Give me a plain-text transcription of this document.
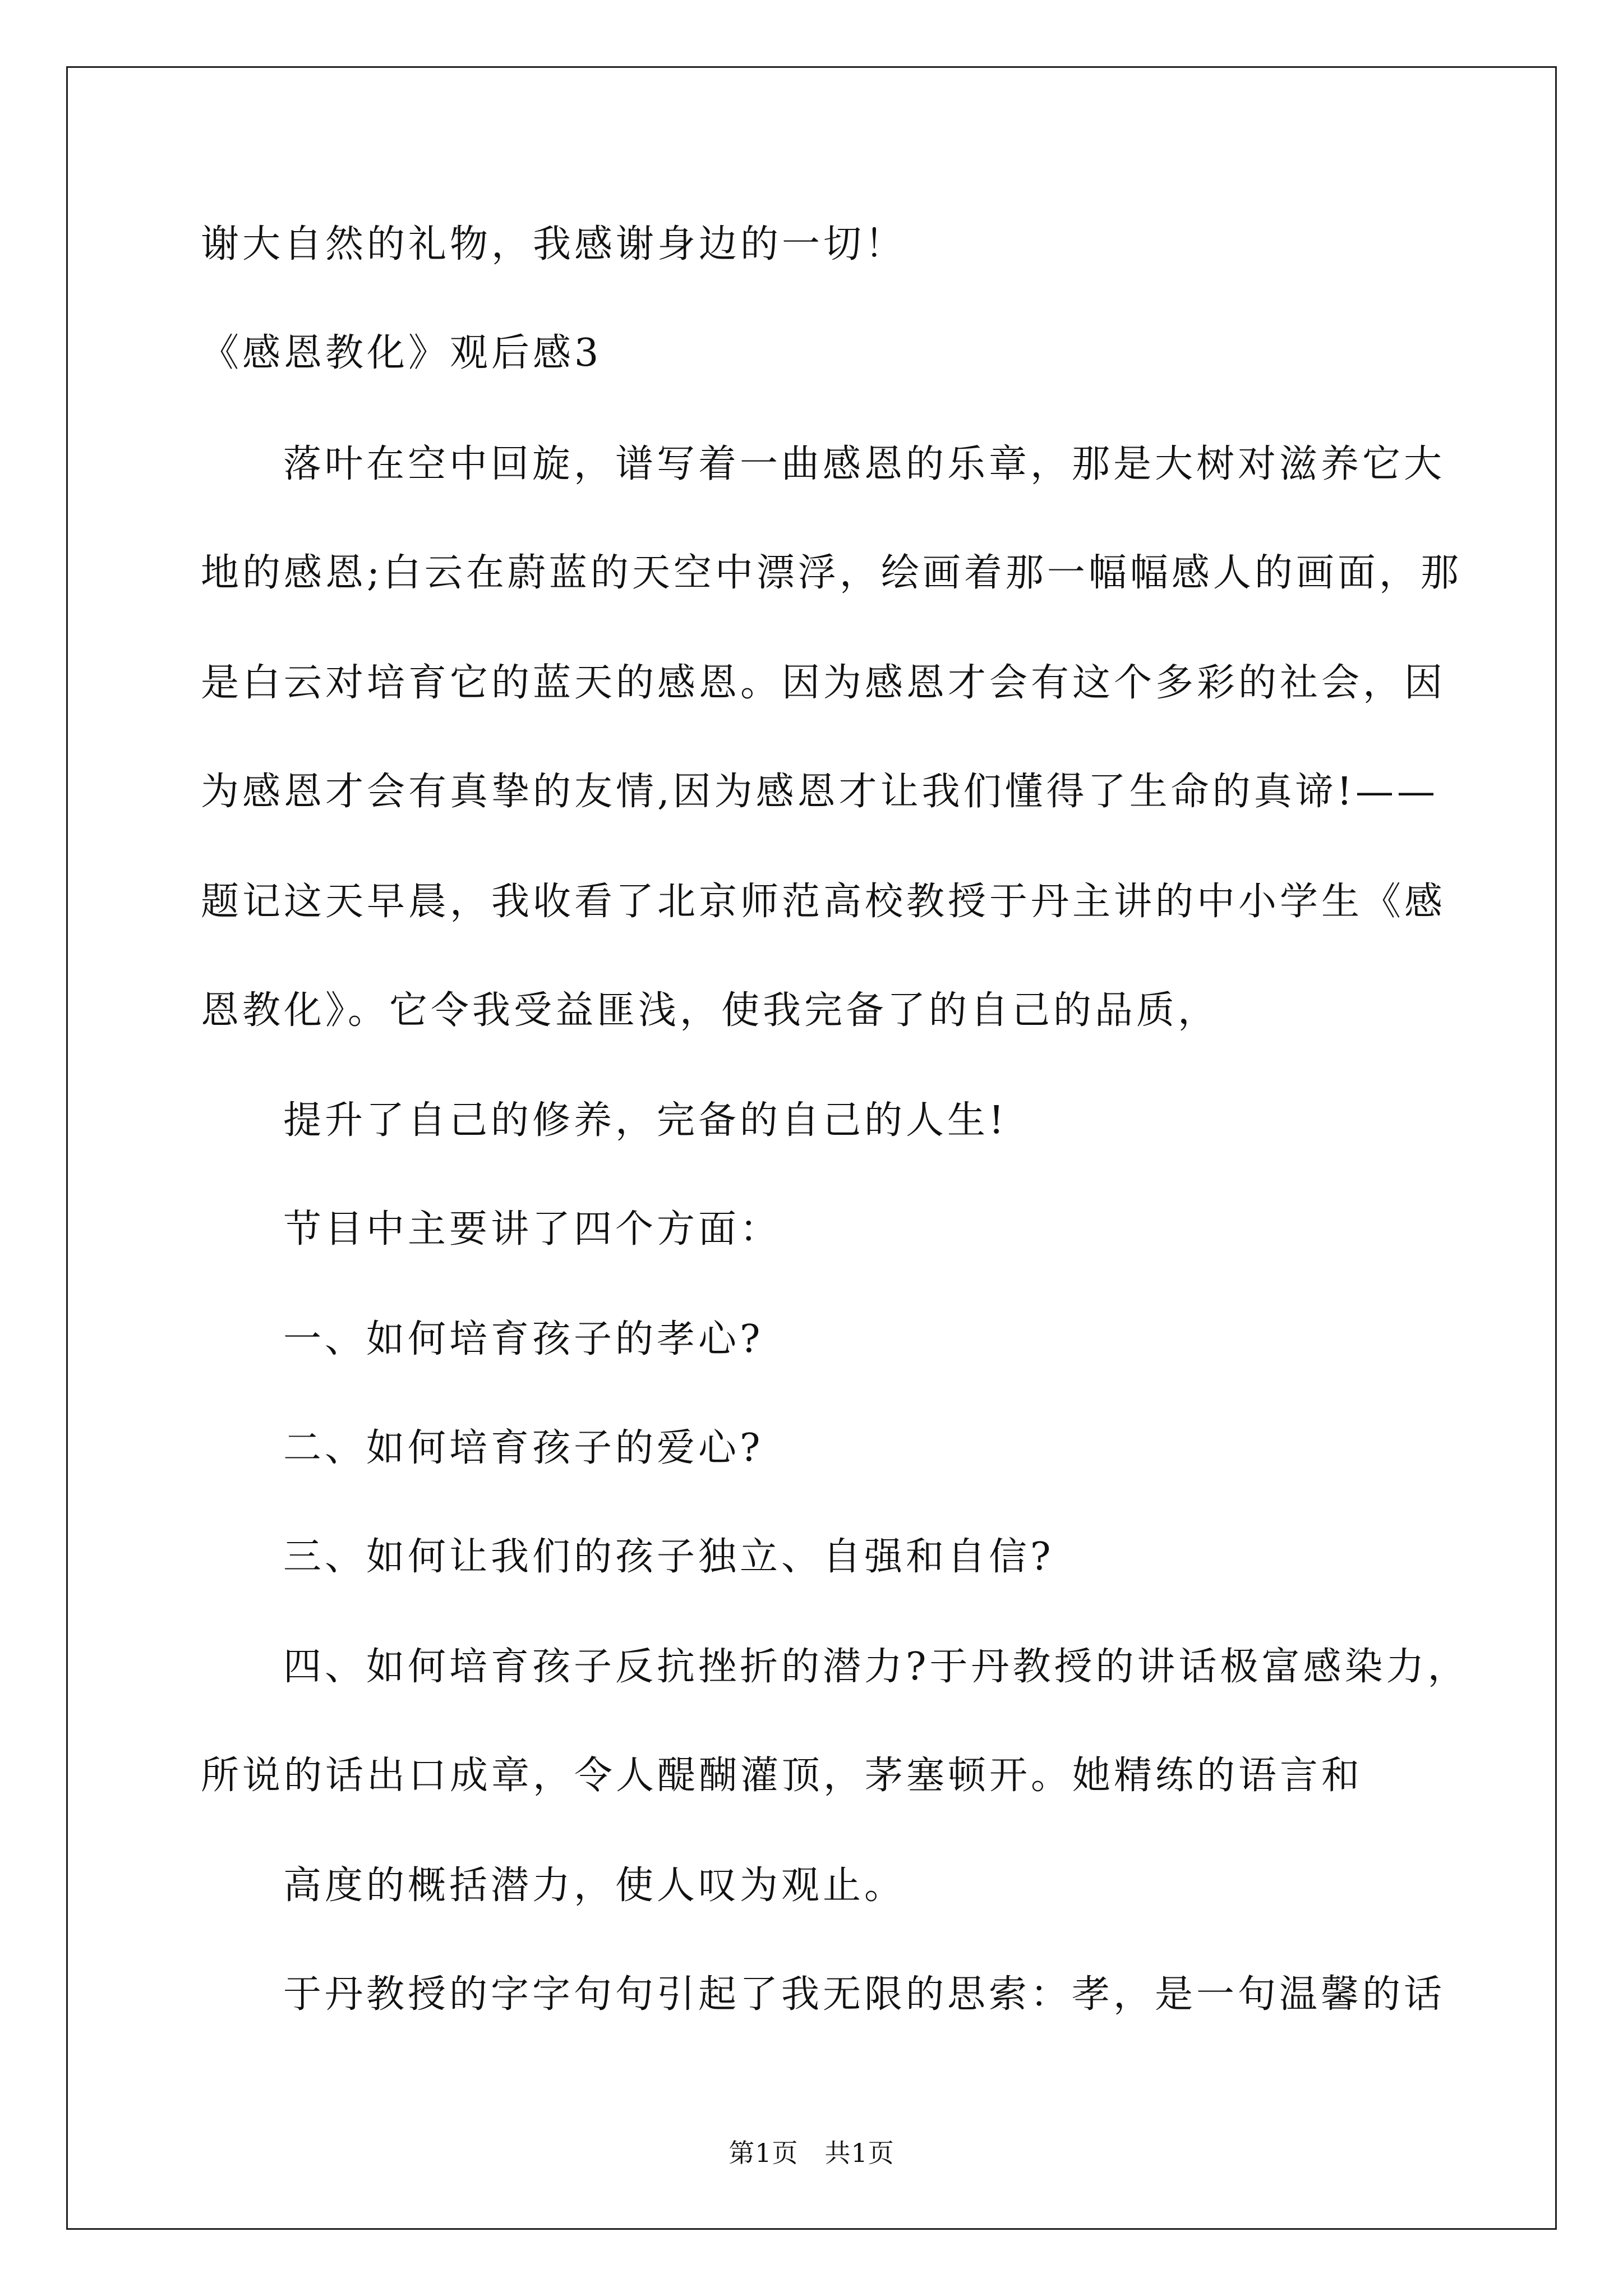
谢大自然的礼物，我感谢身边的一切！
《感恩教化》观后感3
落叶在空中回旋，谱写着一曲感恩的乐章，那是大树对滋养它大
地的感恩;白云在蔚蓝的天空中漂浮，绘画着那一幅幅感人的画面，那
是白云对培育它的蓝天的感恩。因为感恩才会有这个多彩的社会，因
为感恩才会有真挚的友情,因为感恩才让我们懂得了生命的真谛!——
题记这天早晨，我收看了北京师范高校教授于丹主讲的中小学生《感
恩教化》。它令我受益匪浅，使我完备了的自己的品质，
提升了自己的修养，完备的自己的人生!
节目中主要讲了四个方面：
一、如何培育孩子的孝心?
二、如何培育孩子的爱心?
三、如何让我们的孩子独立、自强和自信?
四、如何培育孩子反抗挫折的潜力?于丹教授的讲话极富感染力，
所说的话出口成章，令人醍醐灌顶，茅塞顿开。她精练的语言和
高度的概括潜力，使人叹为观止。
于丹教授的字字句句引起了我无限的思索：孝，是一句温馨的话
第1页　共1页
